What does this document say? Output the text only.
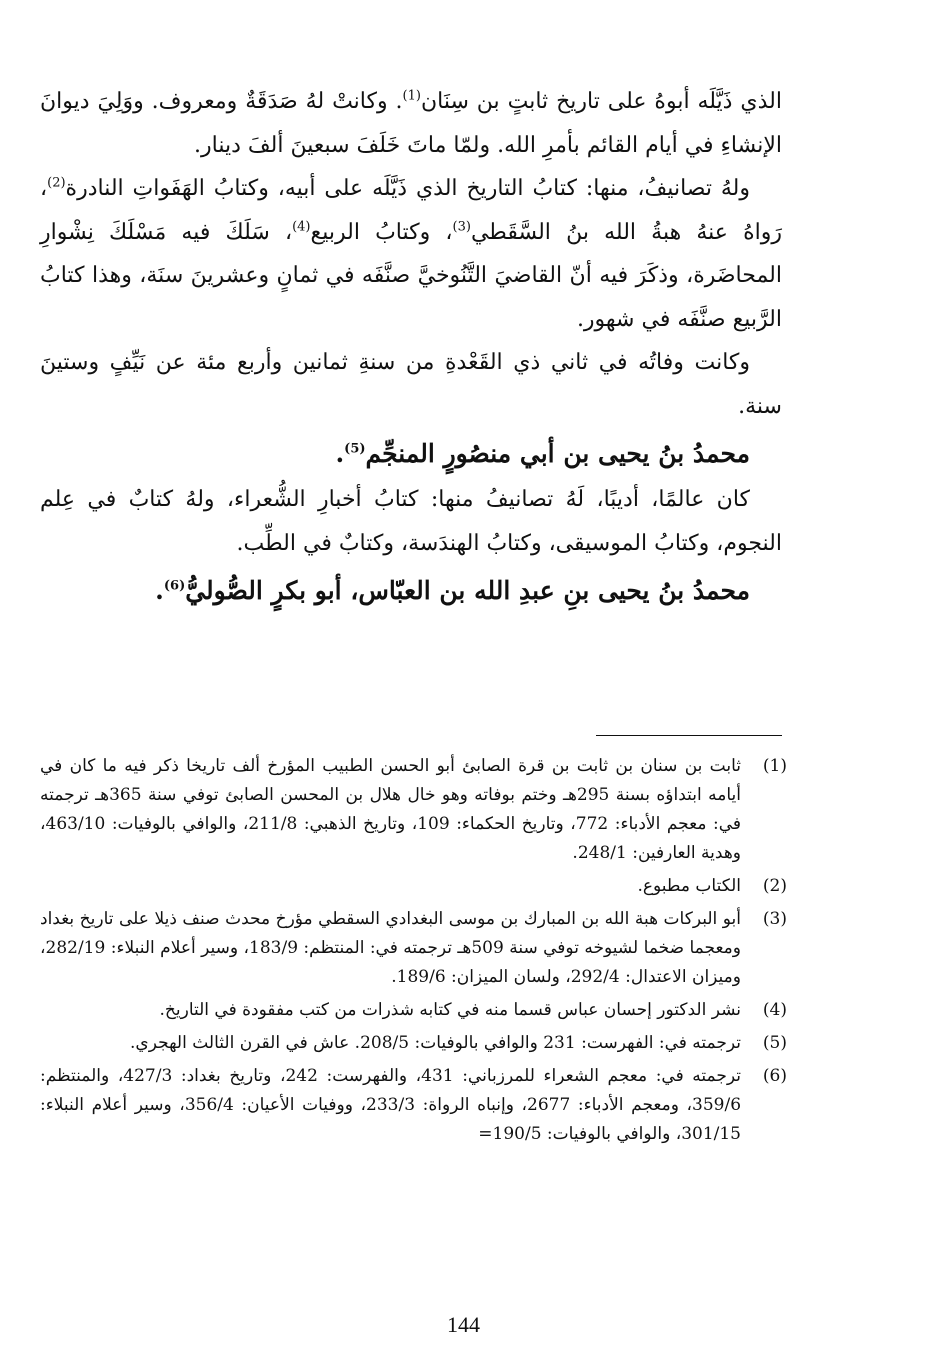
الذي ذَيَّلَه أبوهُ على تاريخ ثابتٍ بن سِنَان$^{(1)}$. وكانتْ لهُ صَدَقَةٌ ومعروف. ووَلِيَ ديوانَ الإنشاءِ في أيام القائم بأمرِ الله. ولمّا ماتَ خَلَفَ سبعينَ ألفَ دينار.

ولهُ تصانيفُ، منها: كتابُ التاريخ الذي ذَيَّلَه على أبيه، وكتابُ الهَفَواتِ النادرة$^{(2)}$، رَواهُ عنهُ هبةُ الله بنُ السَّقَطي$^{(3)}$، وكتابُ الربيع$^{(4)}$، سَلَكَ فيه مَسْلَكَ نِشْوارِ المحاضَرة، وذكَرَ فيه أنّ القاضيَ التَّنُوخيَّ صنَّفَه في ثمانٍ وعشرينَ سنَة، وهذا كتابُ الرَّبيع صنَّفَه في شهور.

وكانت وفاتُه في ثاني ذي القَعْدةِ من سنةِ ثمانين وأربع مئة عن نَيِّفٍ وستينَ سنة.

محمدُ بنُ يحيى بن أبي منصُورٍ المنجِّم$^{(5)}$.

كان عالمًا، أديبًا، لَهُ تصانيفُ منها: كتابُ أخبارِ الشُّعراء، ولهُ كتابٌ في عِلم النجوم، وكتابُ الموسيقى، وكتابُ الهندَسة، وكتابٌ في الطِّب.

محمدُ بنُ يحيى بنِ عبدِ الله بن العبّاس، أبو بكرٍ الصُّوليُّ$^{(6)}$.
(1)
ثابت بن سنان بن ثابت بن قرة الصابئ أبو الحسن الطبيب المؤرخ ألف تاريخا ذكر فيه ما كان في أيامه ابتداؤه بسنة 295هـ وختم بوفاته وهو خال هلال بن المحسن الصابئ توفي سنة 365هـ ترجمته في: معجم الأدباء: 772، وتاريخ الحكماء: 109، وتاريخ الذهبي: 211/8، والوافي بالوفيات: 463/10، وهدية العارفين: 248/1.
(2)
الكتاب مطبوع.
(3)
أبو البركات هبة الله بن المبارك بن موسى البغدادي السقطي مؤرخ محدث صنف ذيلا على تاريخ بغداد ومعجما ضخما لشيوخه توفي سنة 509هـ ترجمته في: المنتظم: 183/9، وسير أعلام النبلاء: 282/19، وميزان الاعتدال: 292/4، ولسان الميزان: 189/6.
(4)
نشر الدكتور إحسان عباس قسما منه في كتابه شذرات من كتب مفقودة في التاريخ.
(5)
ترجمته في: الفهرست: 231 والوافي بالوفيات: 208/5. عاش في القرن الثالث الهجري.
(6)
ترجمته في: معجم الشعراء للمرزباني: 431، والفهرست: 242، وتاريخ بغداد: 427/3، والمنتظم: 359/6، ومعجم الأدباء: 2677، وإنباه الرواة: 233/3، ووفيات الأعيان: 356/4، وسير أعلام النبلاء: 301/15، والوافي بالوفيات: 190/5=
144
